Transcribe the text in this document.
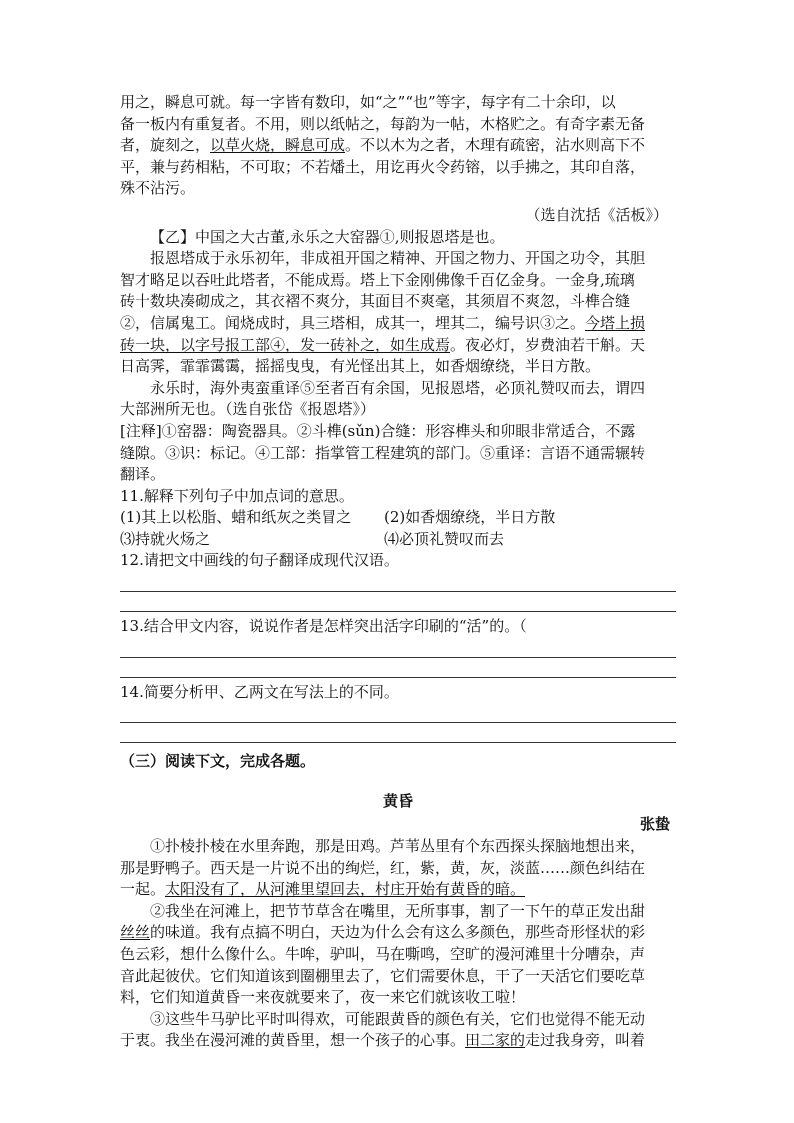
用之，瞬息可就。每一字皆有数印，如“之”“也”等字，每字有二十余印，以

备一板内有重复者。不用，则以纸帖之，每韵为一帖，木格贮之。有奇字素无备

者，旋刻之，以草火烧，瞬息可成。不以木为之者，木理有疏密，沾水则高下不

平，兼与药相粘，不可取；不若燔土，用讫再火令药镕，以手拂之，其印自落，

殊不沾污。

（选自沈括《活板》）

【乙】中国之大古董,永乐之大窑器①,则报恩塔是也。

报恩塔成于永乐初年，非成祖开国之精神、开国之物力、开国之功令，其胆

智才略足以吞吐此塔者，不能成焉。塔上下金刚佛像千百亿金身。一金身,琉璃

砖十数块凑砌成之，其衣褶不爽分，其面目不爽毫，其须眉不爽忽，斗榫合缝

②，信属鬼工。闻烧成时，具三塔相，成其一，埋其二，编号识③之。今塔上损

砖一块，以字号报工部④，发一砖补之，如生成焉。夜必灯，岁费油若干斛。天

日高霁，霏霏霭霭，摇摇曳曳，有光怪出其上，如香烟缭绕，半日方散。

永乐时，海外夷蛮重译⑤至者百有余国，见报恩塔，必顶礼赞叹而去，谓四

大部洲所无也。（选自张岱《报恩塔》）

[注释]①窑器：陶瓷器具。②斗榫(sǔn)合缝：形容榫头和卯眼非常适合，不露

缝隙。③识：标记。④工部：指掌管工程建筑的部门。⑤重译：言语不通需辗转

翻译。

11.解释下列句子中加点词的意思。

(1)其上以松脂、蜡和纸灰之类冒之	(2)如香烟缭绕，半日方散
⑶持就火炀之	⑷必顶礼赞叹而去

12.请把文中画线的句子翻译成现代汉语。

13.结合甲文内容，说说作者是怎样突出活字印刷的“活”的。（

14.简要分析甲、乙两文在写法上的不同。

（三）阅读下文，完成各题。

黄昏

张蛰

①扑棱扑棱在水里奔跑，那是田鸡。芦苇丛里有个东西探头探脑地想出来，

那是野鸭子。西天是一片说不出的绚烂，红，紫，黄，灰，淡蓝……颜色纠结在

一起。太阳没有了，从河滩里望回去，村庄开始有黄昏的暗。

②我坐在河滩上，把节节草含在嘴里，无所事事，割了一下午的草正发出甜

丝丝的味道。我有点搞不明白，天边为什么会有这么多颜色，那些奇形怪状的彩

色云彩，想什么像什么。牛哞，驴叫，马在嘶鸣，空旷的漫河滩里十分嘈杂，声

音此起彼伏。它们知道该到圈棚里去了，它们需要休息，干了一天活它们要吃草

料，它们知道黄昏一来夜就要来了，夜一来它们就该收工啦！

③这些牛马驴比平时叫得欢，可能跟黄昏的颜色有关，它们也觉得不能无动

于衷。我坐在漫河滩的黄昏里，想一个孩子的心事。田二家的走过我身旁，叫着
